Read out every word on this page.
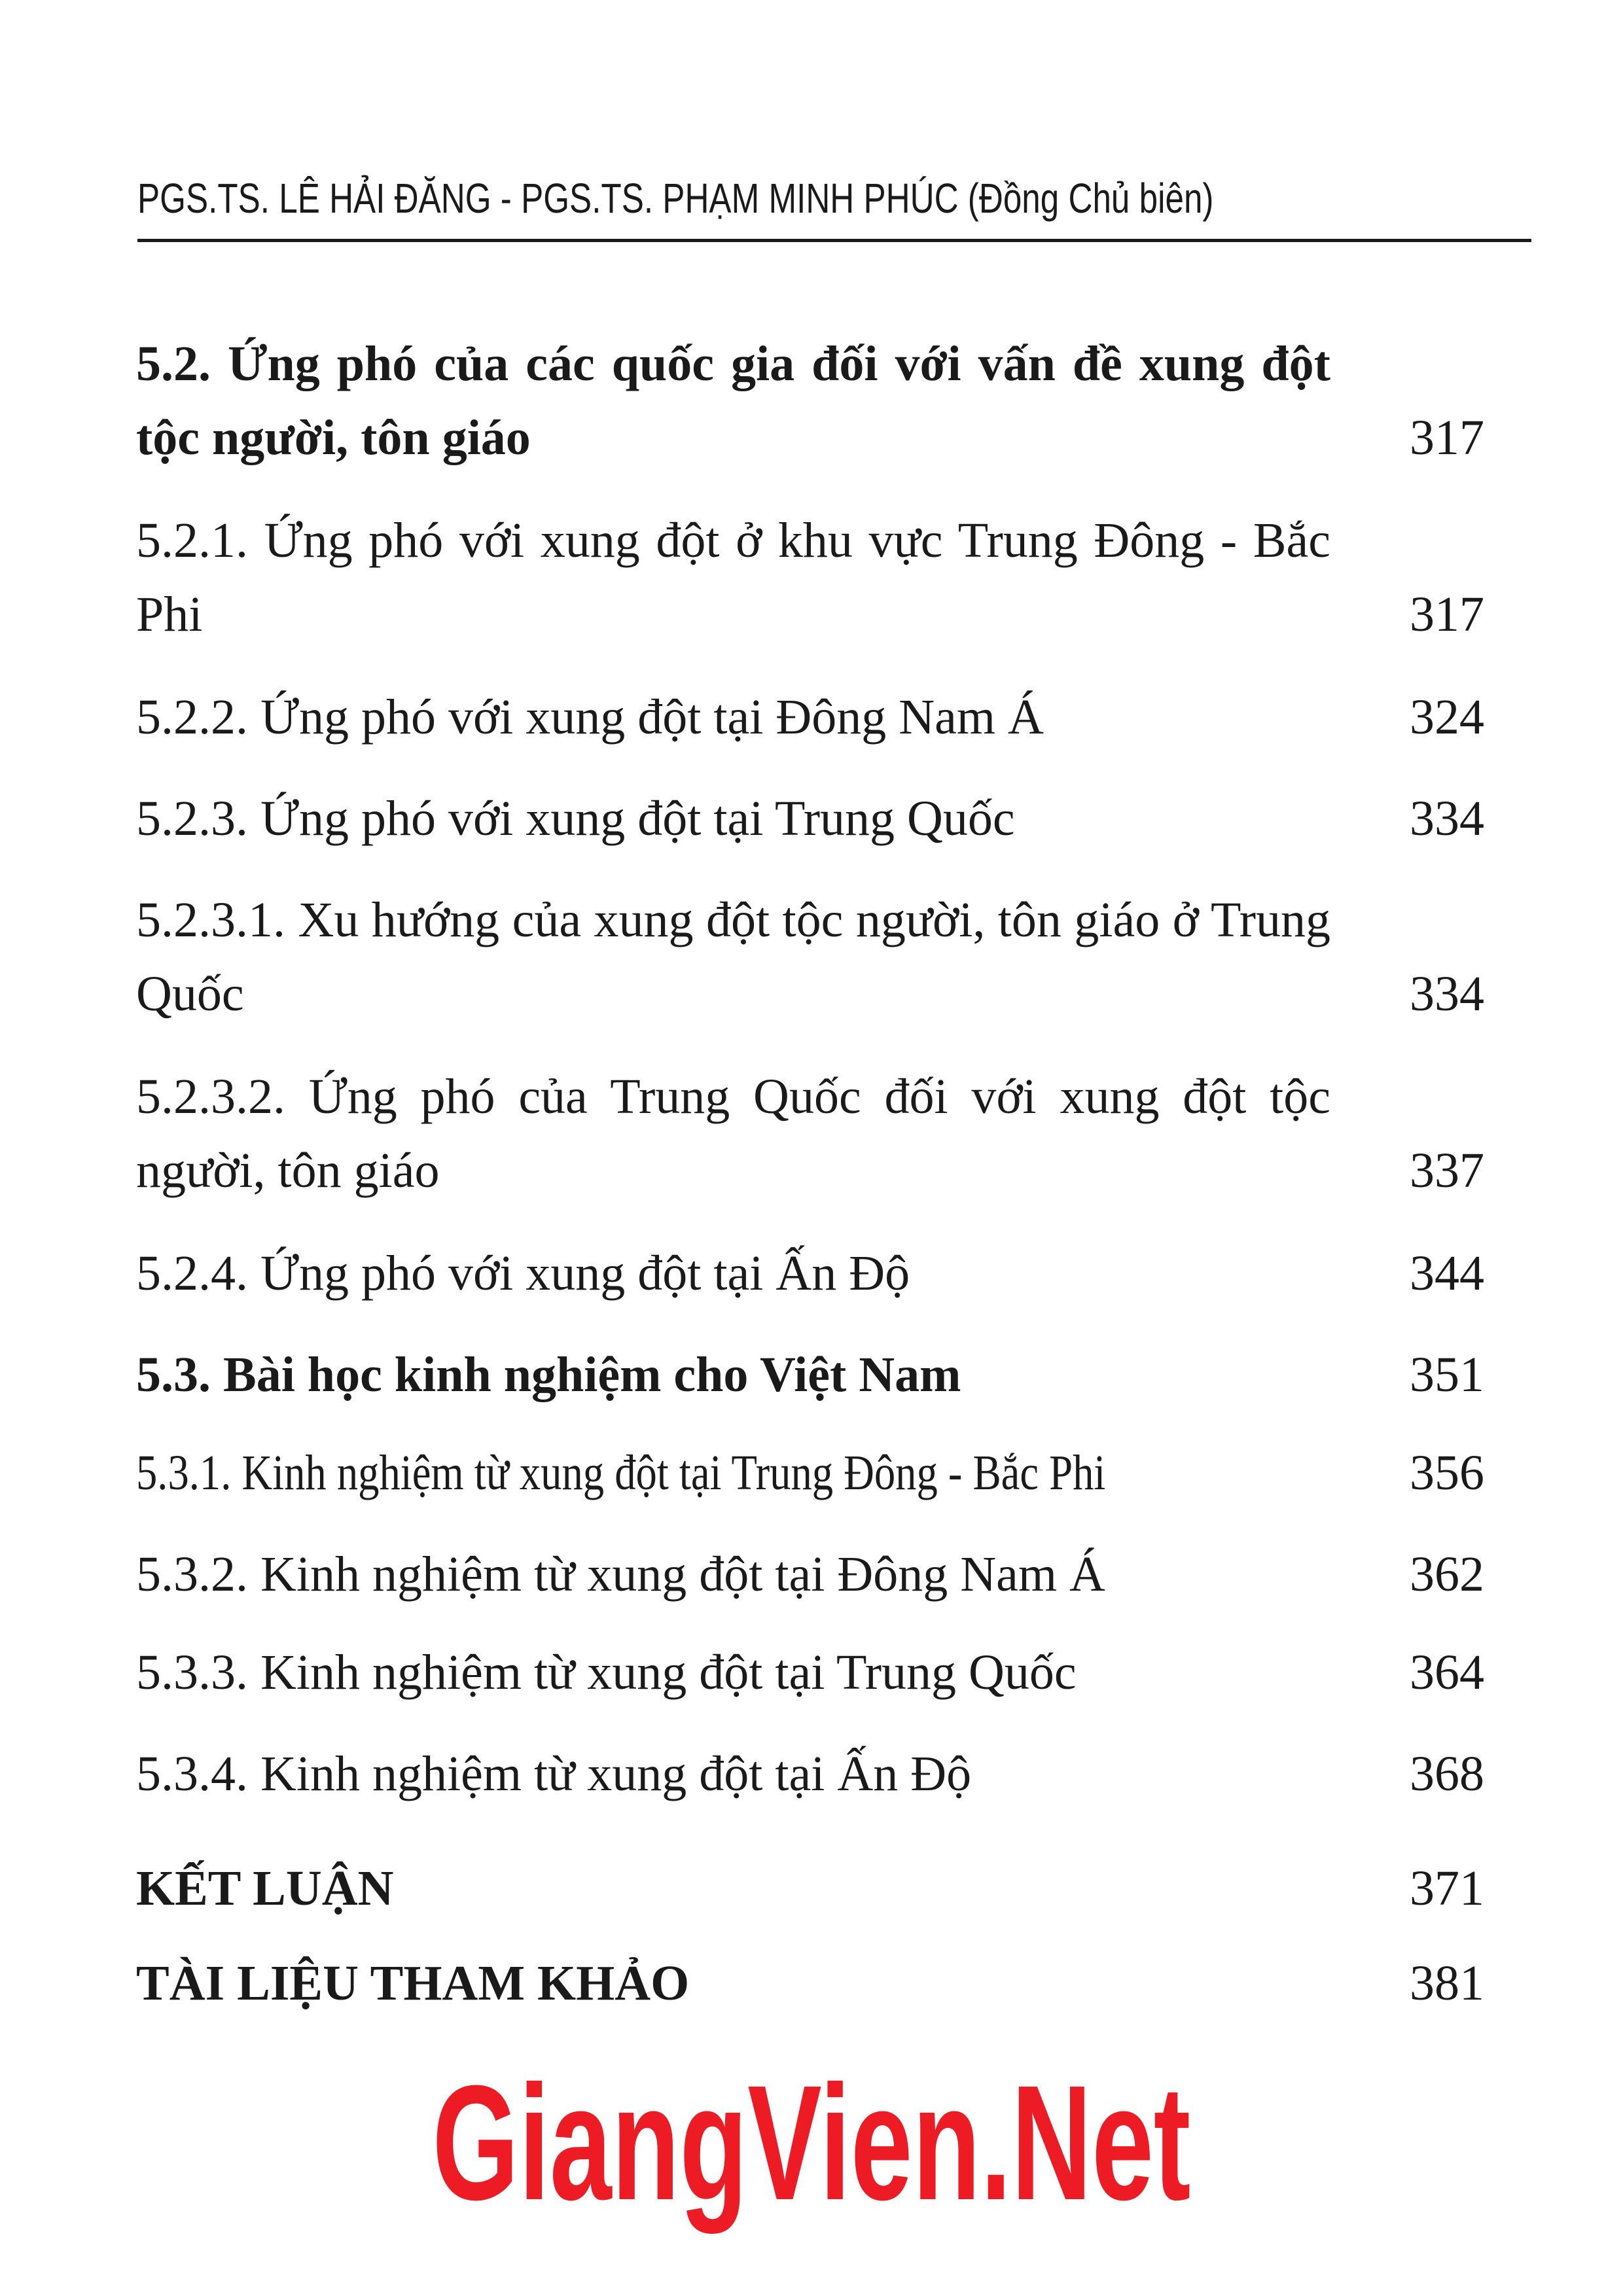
PGS.TS. LÊ HẢI ĐĂNG - PGS.TS. PHẠM MINH PHÚC (Đồng Chủ biên)
5.2. Ứng phó của các quốc gia đối với vấn đề xung đột tộc người, tôn giáo	317
5.2.1. Ứng phó với xung đột ở khu vực Trung Đông - Bắc Phi	317
5.2.2. Ứng phó với xung đột tại Đông Nam Á	324
5.2.3. Ứng phó với xung đột tại Trung Quốc	334
5.2.3.1. Xu hướng của xung đột tộc người, tôn giáo ở Trung Quốc	334
5.2.3.2. Ứng phó của Trung Quốc đối với xung đột tộc người, tôn giáo	337
5.2.4. Ứng phó với xung đột tại Ấn Độ	344
5.3. Bài học kinh nghiệm cho Việt Nam	351
5.3.1. Kinh nghiệm từ xung đột tại Trung Đông - Bắc Phi	356
5.3.2. Kinh nghiệm từ xung đột tại Đông Nam Á	362
5.3.3. Kinh nghiệm từ xung đột tại Trung Quốc	364
5.3.4. Kinh nghiệm từ xung đột tại Ấn Độ	368
KẾT LUẬN	371
TÀI LIỆU THAM KHẢO	381
GiangVien.Net
